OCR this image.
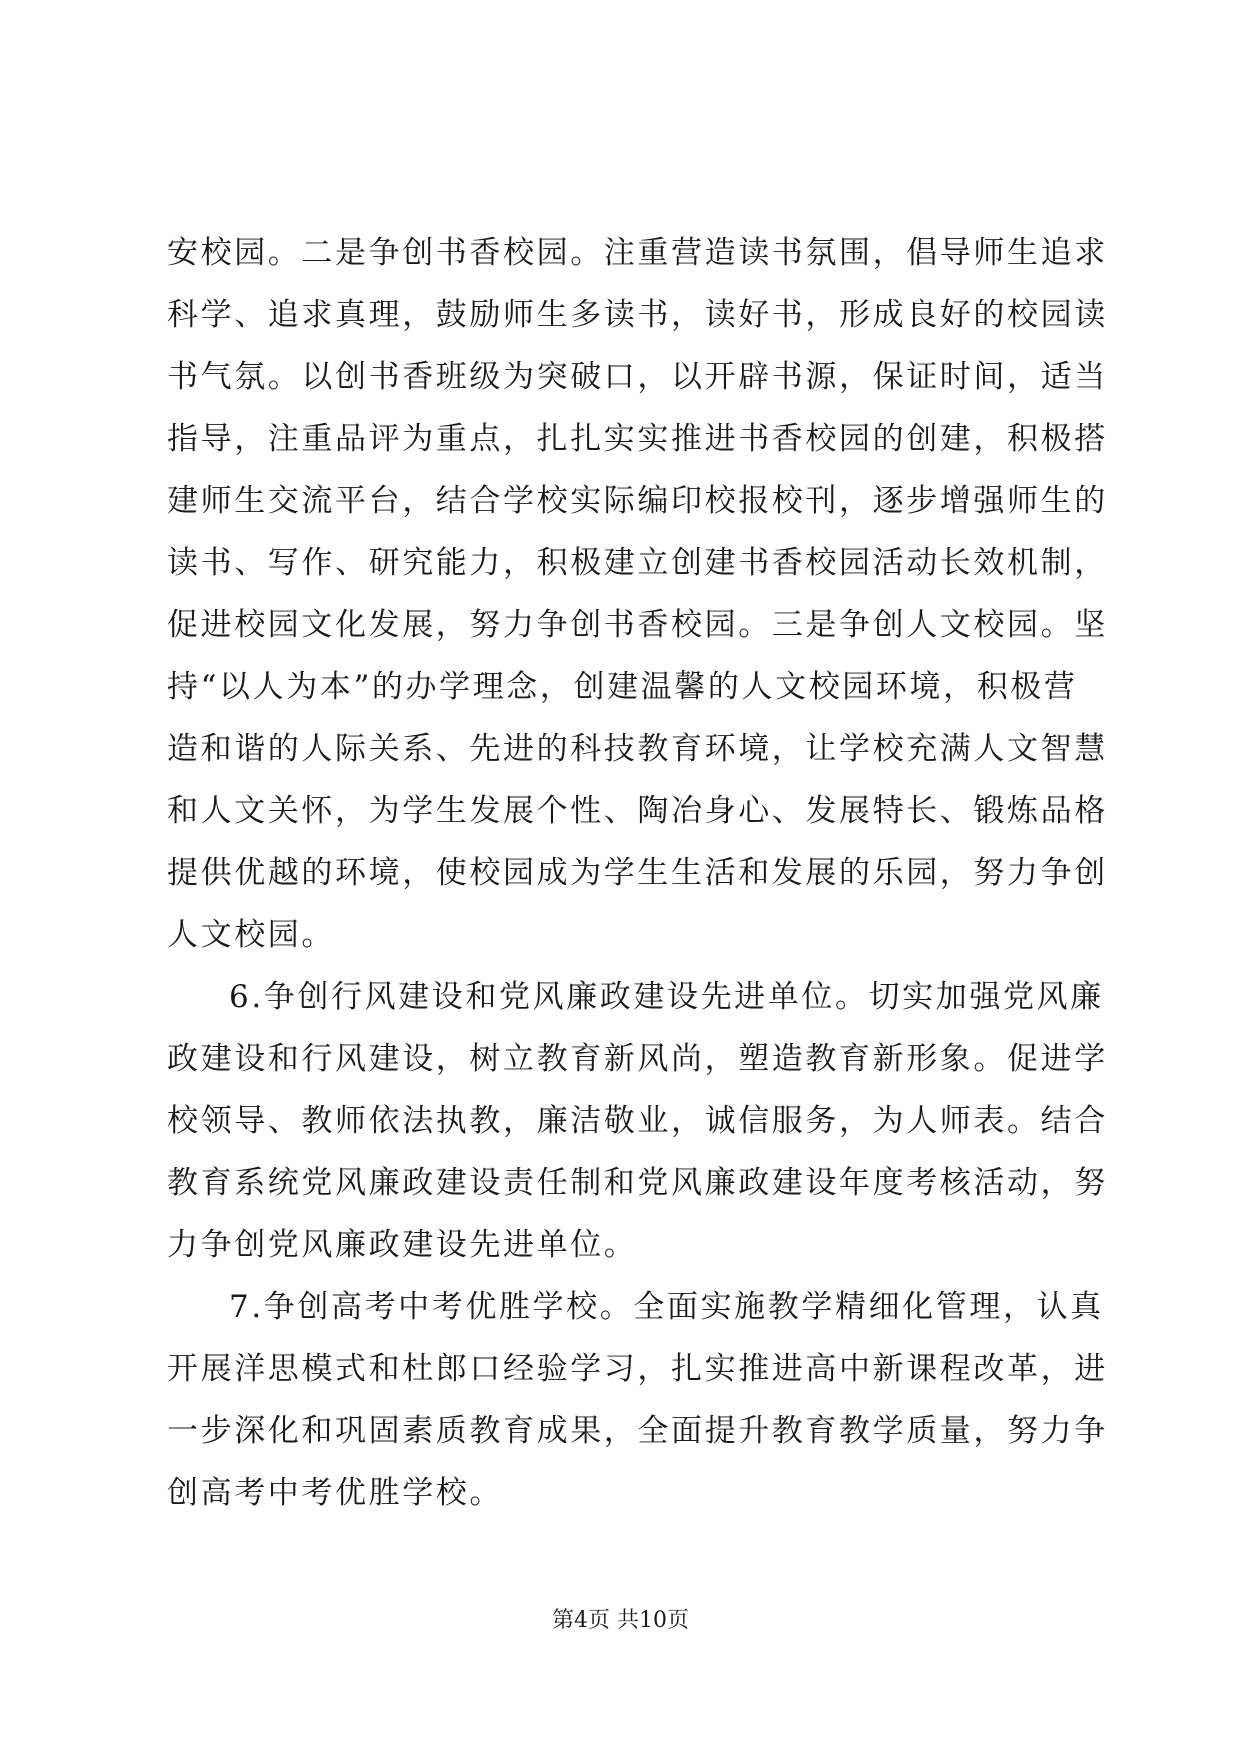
安校园。二是争创书香校园。注重营造读书氛围，倡导师生追求
科学、追求真理，鼓励师生多读书，读好书，形成良好的校园读
书气氛。以创书香班级为突破口，以开辟书源，保证时间，适当
指导，注重品评为重点，扎扎实实推进书香校园的创建，积极搭
建师生交流平台，结合学校实际编印校报校刊，逐步增强师生的
读书、写作、研究能力，积极建立创建书香校园活动长效机制，
促进校园文化发展，努力争创书香校园。三是争创人文校园。坚
持“以人为本”的办学理念，创建温馨的人文校园环境，积极营
造和谐的人际关系、先进的科技教育环境，让学校充满人文智慧
和人文关怀，为学生发展个性、陶冶身心、发展特长、锻炼品格
提供优越的环境，使校园成为学生生活和发展的乐园，努力争创
人文校园。
6.争创行风建设和党风廉政建设先进单位。切实加强党风廉
政建设和行风建设，树立教育新风尚，塑造教育新形象。促进学
校领导、教师依法执教，廉洁敬业，诚信服务，为人师表。结合
教育系统党风廉政建设责任制和党风廉政建设年度考核活动，努
力争创党风廉政建设先进单位。
7.争创高考中考优胜学校。全面实施教学精细化管理，认真
开展洋思模式和杜郎口经验学习，扎实推进高中新课程改革，进
一步深化和巩固素质教育成果，全面提升教育教学质量，努力争
创高考中考优胜学校。
第4页 共10页
